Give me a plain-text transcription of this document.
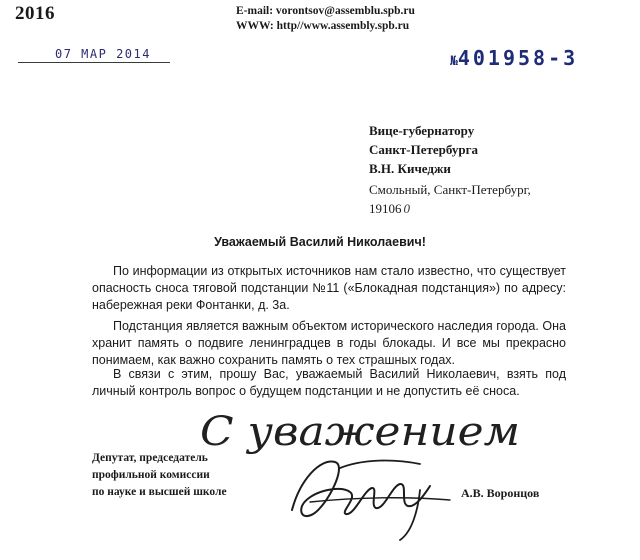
2016	E-mail: vorontsov@assemblu.spb.ru
WWW: http//www.assembly.spb.ru
07 MAP 2014	№401958-3
Вице-губернатору
Санкт-Петербурга
В.Н. Кичеджи
Смольный, Санкт-Петербург,
19106 0
Уважаемый Василий Николаевич!

По информации из открытых источников нам стало известно, что существует опасность сноса тяговой подстанции №11 («Блокадная подстанция») по адресу: набережная реки Фонтанки, д. 3а.

Подстанция является важным объектом исторического наследия города. Она хранит память о подвиге ленинградцев в годы блокады. И все мы прекрасно понимаем, как важно сохранить память о тех страшных годах.

В связи с этим, прошу Вас, уважаемый Василий Николаевич, взять под личный контроль вопрос о будущем подстанции и не допустить её сноса.

С уважением
Депутат, председатель
профильной комиссии
по науке и высшей школе	А.В. Воронцов
